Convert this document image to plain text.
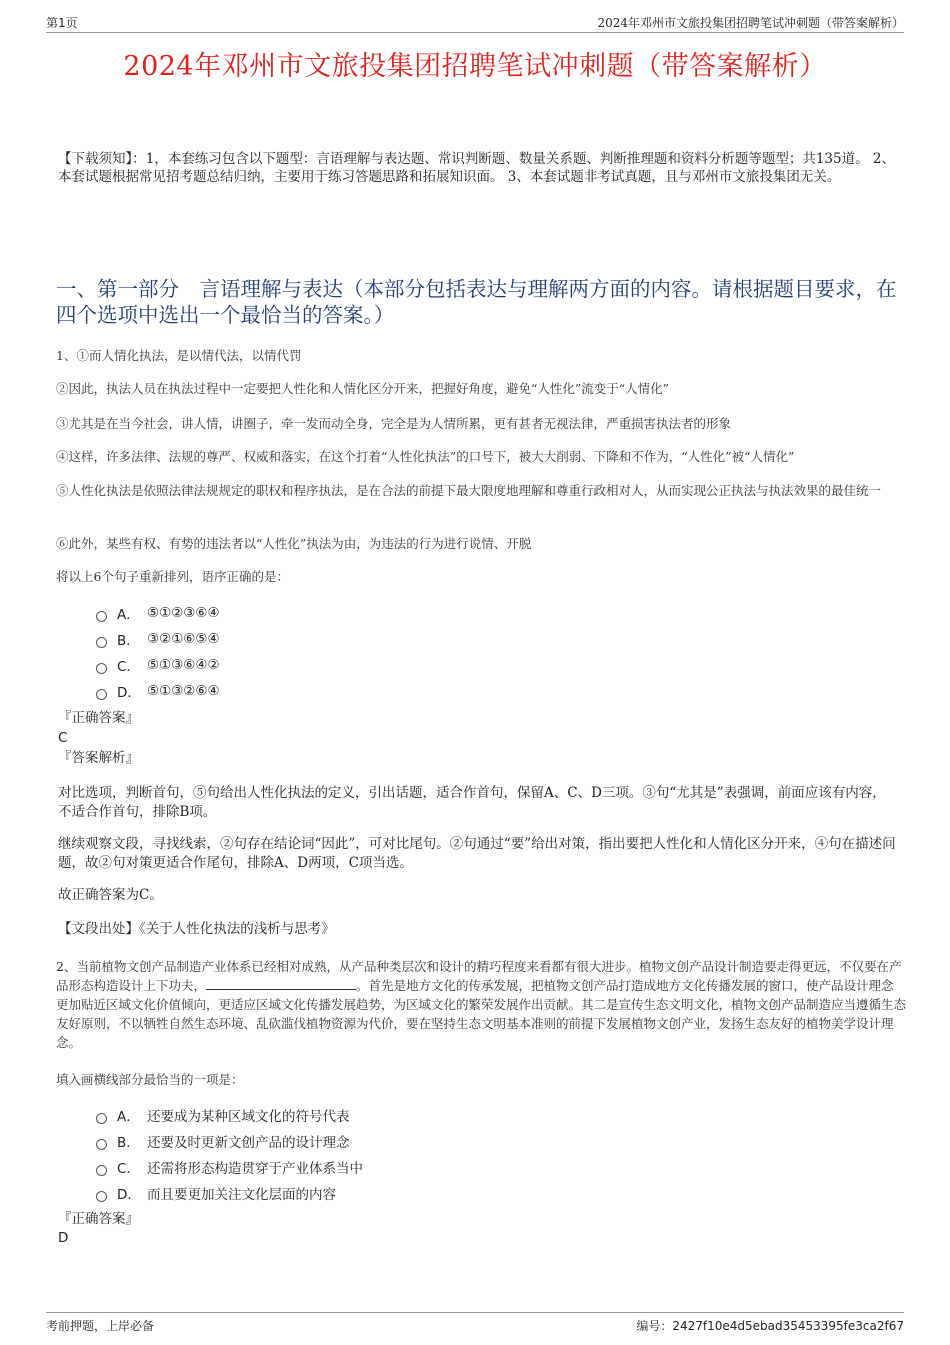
第1页	2024年邓州市文旅投集团招聘笔试冲刺题（带答案解析）
2024年邓州市文旅投集团招聘笔试冲刺题（带答案解析）
【下载须知】：1，本套练习包含以下题型：言语理解与表达题、常识判断题、数量关系题、判断推理题和资料分析题等题型；共135道。 2、本套试题根据常见招考题总结归纳，主要用于练习答题思路和拓展知识面。 3、本套试题非考试真题，且与邓州市文旅投集团无关。
一、第一部分　言语理解与表达（本部分包括表达与理解两方面的内容。请根据题目要求，在四个选项中选出一个最恰当的答案。）
1、①而人情化执法，是以情代法，以情代罚
②因此，执法人员在执法过程中一定要把人性化和人情化区分开来，把握好角度，避免“人性化”流变于“人情化”
③尤其是在当今社会，讲人情，讲圈子，牵一发而动全身，完全是为人情所累，更有甚者无视法律，严重损害执法者的形象
④这样，许多法律、法规的尊严、权威和落实，在这个打着“人性化执法”的口号下，被大大削弱、下降和不作为，“人性化”被“人情化”
⑤人性化执法是依照法律法规规定的职权和程序执法，是在合法的前提下最大限度地理解和尊重行政相对人，从而实现公正执法与执法效果的最佳统一
⑥此外，某些有权、有势的违法者以“人性化”执法为由，为违法的行为进行说情、开脱
将以上6个句子重新排列，语序正确的是：
A． ⑤①②③⑥④
B． ③②①⑥⑤④
C． ⑤①③⑥④②
D． ⑤①③②⑥④
『正确答案』
C
『答案解析』
对比选项，判断首句，⑤句给出人性化执法的定义，引出话题，适合作首句，保留A、C、D三项。③句“尤其是”表强调，前面应该有内容，不适合作首句，排除B项。
继续观察文段，寻找线索，②句存在结论词“因此”，可对比尾句。②句通过“要”给出对策，指出要把人性化和人情化区分开来，④句在描述问题，故②句对策更适合作尾句，排除A、D两项，C项当选。
故正确答案为C。
【文段出处】《关于人性化执法的浅析与思考》
2、当前植物文创产品制造产业体系已经相对成熟，从产品种类层次和设计的精巧程度来看都有很大进步。植物文创产品设计制造要走得更远，不仅要在产品形态构造设计上下功夫，	。首先是地方文化的传承发展，把植物文创产品打造成地方文化传播发展的窗口，使产品设计理念更加贴近区域文化价值倾向，更适应区域文化传播发展趋势，为区域文化的繁荣发展作出贡献。其二是宣传生态文明文化，植物文创产品制造应当遵循生态友好原则，不以牺牲自然生态环境、乱砍滥伐植物资源为代价，要在坚持生态文明基本准则的前提下发展植物文创产业，发扬生态友好的植物美学设计理念。
填入画横线部分最恰当的一项是：
A． 还要成为某种区域文化的符号代表
B． 还要及时更新文创产品的设计理念
C． 还需将形态构造贯穿于产业体系当中
D． 而且要更加关注文化层面的内容
『正确答案』
D
考前押题，上岸必备	编号：2427f10e4d5ebad35453395fe3ca2f67
